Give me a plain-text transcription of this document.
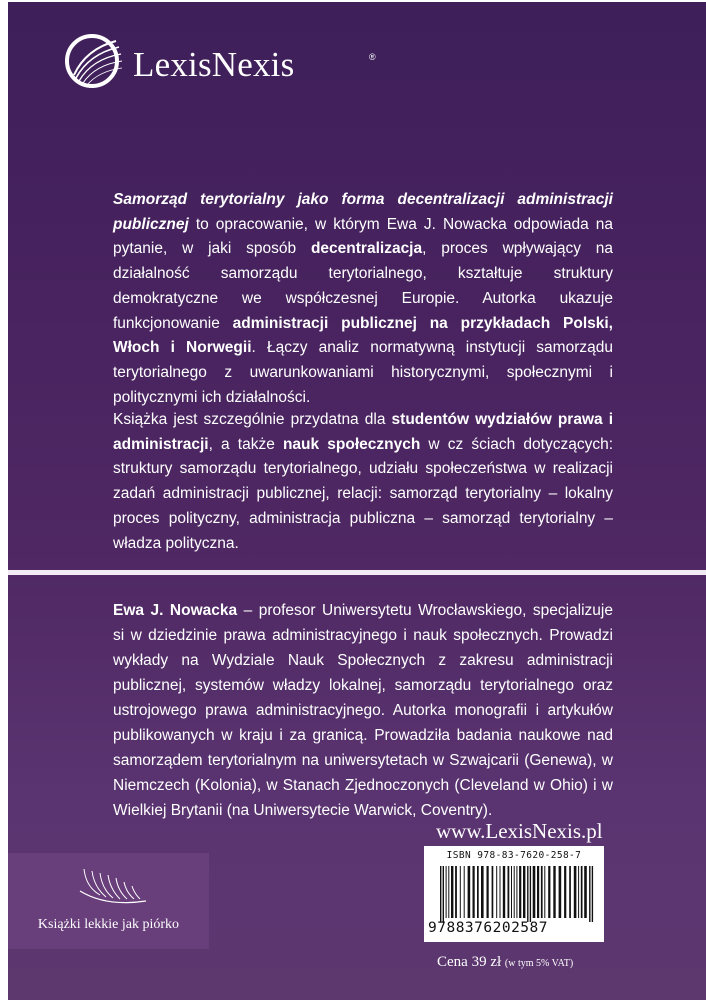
LexisNexis	®

Samorząd terytorialny jako forma decentralizacji administracji publicznej to opracowanie, w którym Ewa J. Nowacka odpowiada na pytanie, w jaki sposób decentralizacja, proces wpływający na działalność samorządu terytorialnego, kształtuje struktury demokratyczne we współczesnej Europie. Autorka ukazuje funkcjonowanie administracji publicznej na przykładach Polski, Włoch i Norwegii. Łączy analiz normatywną instytucji samorządu terytorialnego z uwarunkowaniami historycznymi, społecznymi i politycznymi ich działalności.

Książka jest szczególnie przydatna dla studentów wydziałów prawa i administracji, a także nauk społecznych w cz ściach dotyczących: struktury samorządu terytorialnego, udziału społeczeństwa w realizacji zadań administracji publicznej, relacji: samorząd terytorialny – lokalny proces polityczny, administracja publiczna – samorząd terytorialny – władza polityczna.

Ewa J. Nowacka – profesor Uniwersytetu Wrocławskiego, specjalizuje si w dziedzinie prawa administracyjnego i nauk społecznych. Prowadzi wykłady na Wydziale Nauk Społecznych z zakresu administracji publicznej, systemów władzy lokalnej, samorządu terytorialnego oraz ustrojowego prawa administracyjnego. Autorka monografii i artykułów publikowanych w kraju i za granicą. Prowadziła badania naukowe nad samorządem terytorialnym na uniwersytetach w Szwajcarii (Genewa), w Niemczech (Kolonia), w Stanach Zjednoczonych (Cleveland w Ohio) i w Wielkiej Brytanii (na Uniwersytecie Warwick, Coventry).

www.LexisNexis.pl
Książki lekkie jak piórko
ISBN 978-83-7620-258-7
9788376202587
Cena 39 zł (w tym 5% VAT)
